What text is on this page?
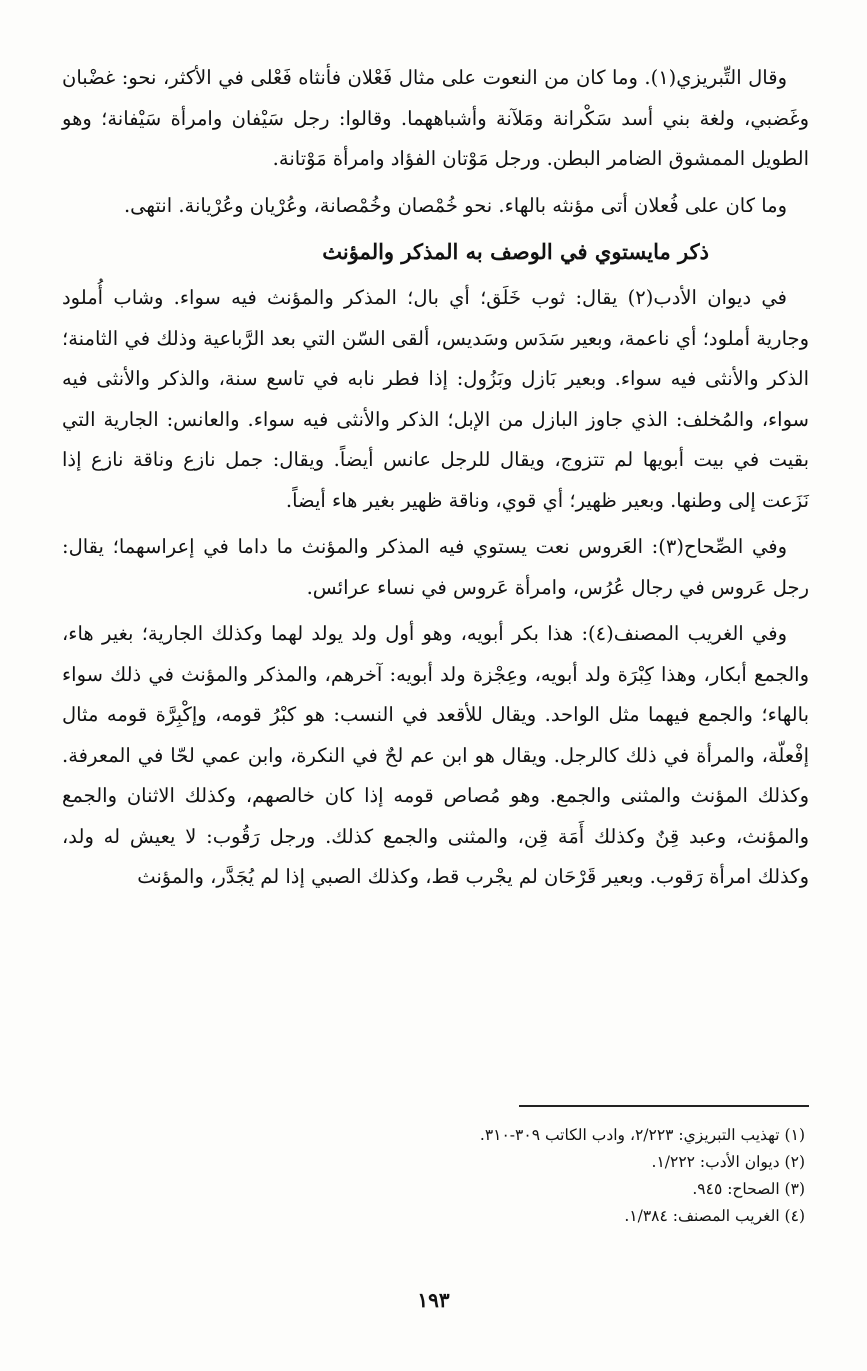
وقال التِّبريزي(١). وما كان من النعوت على مثال فَعْلان فأنثاه فَعْلى في الأكثر، نحو: غضْبان وغَضبي، ولغة بني أسد سَكْرانة ومَلآنة وأشباههما. وقالوا: رجل سَيْفان وامرأة سَيْفانة؛ وهو الطويل الممشوق الضامر البطن. ورجل مَوْتان الفؤاد وامرأة مَوْتانة.

وما كان على فُعلان أتى مؤنثه بالهاء. نحو خُمْصان وخُمْصانة، وعُرْيان وعُرْيانة. انتهى.

ذكر مايستوي في الوصف به المذكر والمؤنث

في ديوان الأدب(٢) يقال: ثوب خَلَق؛ أي بال؛ المذكر والمؤنث فيه سواء. وشاب أُملود وجارية أملود؛ أي ناعمة، وبعير سَدَس وسَديس، ألقى السّن التي بعد الرَّباعية وذلك في الثامنة؛ الذكر والأنثى فيه سواء. وبعير بَازل وبَزُول: إذا فطر نابه في تاسع سنة، والذكر والأنثى فيه سواء، والمُخلف: الذي جاوز البازل من الإبل؛ الذكر والأنثى فيه سواء. والعانس: الجارية التي بقيت في بيت أبويها لم تتزوج، ويقال للرجل عانس أيضاً. ويقال: جمل نازع وناقة نازع إذا نَزَعت إلى وطنها. وبعير ظهير؛ أي قوي، وناقة ظهير بغير هاء أيضاً.

وفي الصِّحاح(٣): العَروس نعت يستوي فيه المذكر والمؤنث ما داما في إعراسهما؛ يقال: رجل عَروس في رجال عُرُس، وامرأة عَروس في نساء عرائس.

وفي الغريب المصنف(٤): هذا بكر أبويه، وهو أول ولد يولد لهما وكذلك الجارية؛ بغير هاء، والجمع أبكار، وهذا كِبْرَة ولد أبويه، وعِجْزة ولد أبويه: آخرهم، والمذكر والمؤنث في ذلك سواء بالهاء؛ والجمع فيهما مثل الواحد. ويقال للأقعد في النسب: هو كبْرُ قومه، وإكْبِرَّة قومه مثال إفْعلّة، والمرأة في ذلك كالرجل. ويقال هو ابن عم لحٌ في النكرة، وابن عمي لحّا في المعرفة. وكذلك المؤنث والمثنى والجمع. وهو مُصاص قومه إذا كان خالصهم، وكذلك الاثنان والجمع والمؤنث، وعبد قِنٌ وكذلك أَمَة قِن، والمثنى والجمع كذلك. ورجل رَقُوب: لا يعيش له ولد، وكذلك امرأة رَقوب. وبعير قَرْحَان لم يجْرب قط، وكذلك الصبي إذا لم يُجَدَّر، والمؤنث

(١) تهذيب التبريزي: ٢/٢٢٣، وادب الكاتب ٣٠٩-٣١٠.
(٢) ديوان الأدب: ١/٢٢٢.
(٣) الصحاح: ٩٤٥.
(٤) الغريب المصنف: ١/٣٨٤.
١٩٣
